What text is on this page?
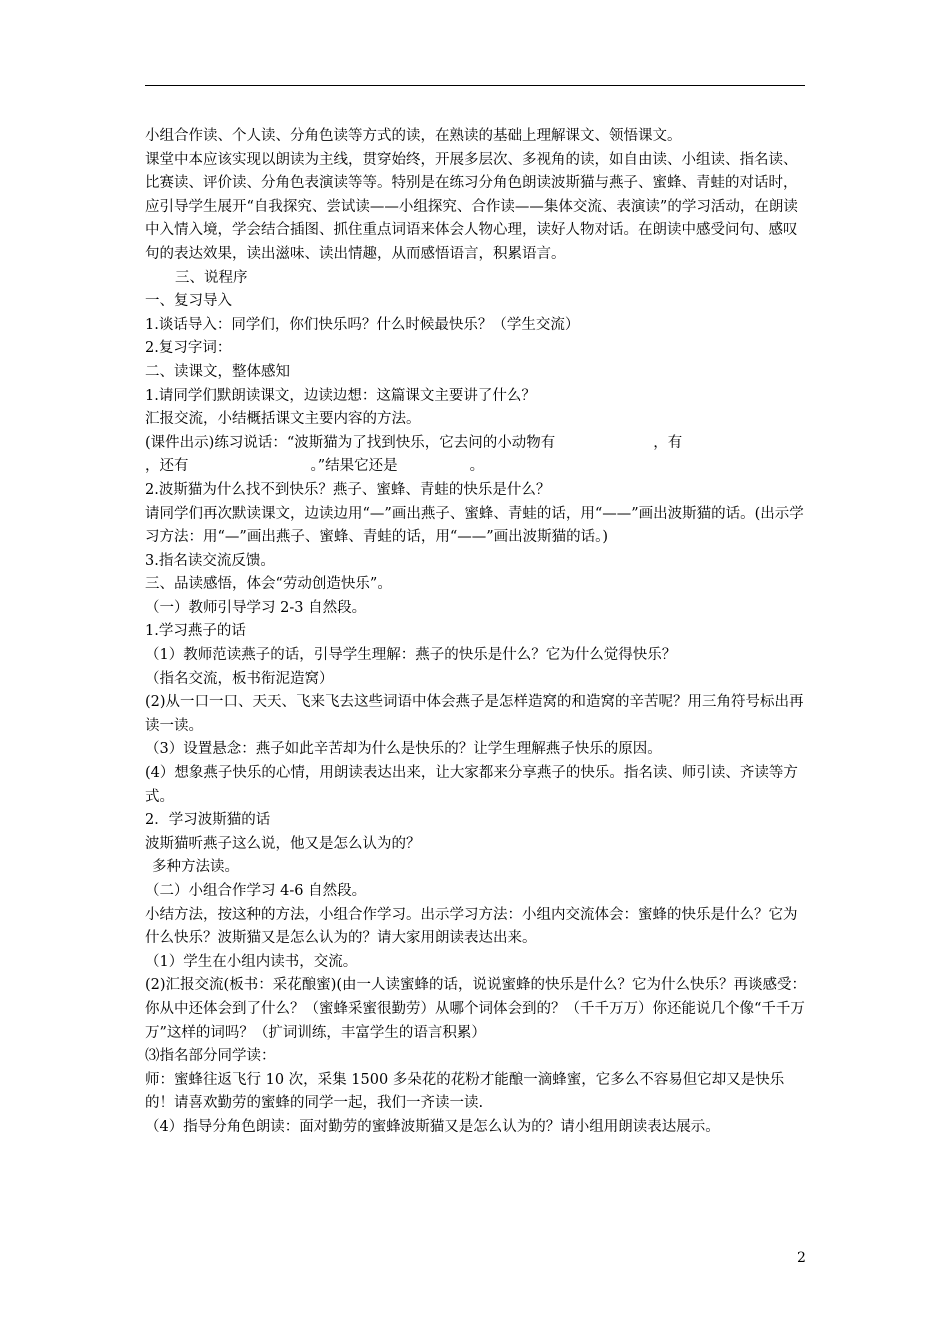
小组合作读、个人读、分角色读等方式的读，在熟读的基础上理解课文、领悟课文。

课堂中本应该实现以朗读为主线，贯穿始终，开展多层次、多视角的读，如自由读、小组读、指名读、比赛读、评价读、分角色表演读等等。特别是在练习分角色朗读波斯猫与燕子、蜜蜂、青蛙的对话时，应引导学生展开“自我探究、尝试读——小组探究、合作读——集体交流、表演读”的学习活动，在朗读中入情入境，学会结合插图、抓住重点词语来体会人物心理，读好人物对话。在朗读中感受问句、感叹句的表达效果，读出滋味、读出情趣，从而感悟语言，积累语言。

三、说程序

一、复习导入

1.谈话导入：同学们，你们快乐吗？什么时候最快乐？（学生交流）

2.复习字词：

二、读课文，整体感知

1.请同学们默朗读课文，边读边想：这篇课文主要讲了什么？

汇报交流，小结概括课文主要内容的方法。

(课件出示)练习说话：“波斯猫为了找到快乐，它去问的小动物有	，有
，还有	。”结果它还是	。

2.波斯猫为什么找不到快乐？燕子、蜜蜂、青蛙的快乐是什么？

请同学们再次默读课文，边读边用“—”画出燕子、蜜蜂、青蛙的话，用“——”画出波斯猫的话。(出示学习方法：用“—”画出燕子、蜜蜂、青蛙的话，用“——”画出波斯猫的话。)

3.指名读交流反馈。

三、品读感悟，体会“劳动创造快乐”。

（一）教师引导学习 2-3 自然段。

1.学习燕子的话

（1）教师范读燕子的话，引导学生理解：燕子的快乐是什么？它为什么觉得快乐？

（指名交流，板书衔泥造窝）

(2)从一口一口、天天、飞来飞去这些词语中体会燕子是怎样造窝的和造窝的辛苦呢？用三角符号标出再读一读。

（3）设置悬念：燕子如此辛苦却为什么是快乐的？让学生理解燕子快乐的原因。

(4）想象燕子快乐的心情，用朗读表达出来，让大家都来分享燕子的快乐。指名读、师引读、齐读等方式。

2．学习波斯猫的话

波斯猫听燕子这么说，他又是怎么认为的？

多种方法读。

（二）小组合作学习 4-6 自然段。

小结方法，按这种的方法，小组合作学习。出示学习方法：小组内交流体会：蜜蜂的快乐是什么？它为什么快乐？波斯猫又是怎么认为的？请大家用朗读表达出来。

（1）学生在小组内读书，交流。

(2)汇报交流(板书：采花酿蜜)(由一人读蜜蜂的话，说说蜜蜂的快乐是什么？它为什么快乐？再谈感受：你从中还体会到了什么？（蜜蜂采蜜很勤劳）从哪个词体会到的？（千千万万）你还能说几个像“千千万万”这样的词吗？（扩词训练，丰富学生的语言积累）

⑶指名部分同学读：

师：蜜蜂往返飞行 10 次，采集 1500 多朵花的花粉才能酿一滴蜂蜜，它多么不容易但它却又是快乐的！请喜欢勤劳的蜜蜂的同学一起，我们一齐读一读.

（4）指导分角色朗读：面对勤劳的蜜蜂波斯猫又是怎么认为的？请小组用朗读表达展示。

2
